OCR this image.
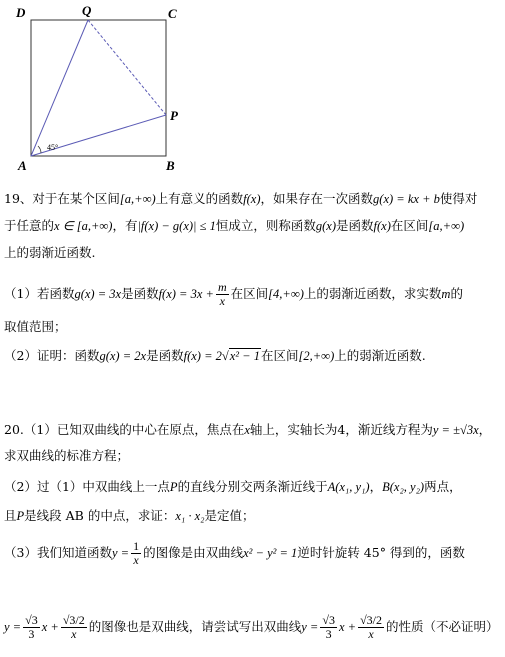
D	Q	C
P
A	B
45°
19、对于在某个区间[a,+∞)上有意义的函数f(x)，如果存在一次函数g(x) = kx + b使得对
于任意的x ∈ [a,+∞)，有|f(x) − g(x)| ≤ 1恒成立，则称函数g(x)是函数f(x)在区间[a,+∞)
上的弱渐近函数.
（1）若函数g(x) = 3x是函数$f(x) = 3x + \frac{m}{x}$ 在区间[4,+∞)上的弱渐近函数，求实数m的
取值范围；
（2）证明：函数g(x) = 2x是函数f(x) = 2√x² − 1在区间[2,+∞)上的弱渐近函数.
20.（1）已知双曲线的中心在原点，焦点在x轴上，实轴长为4，渐近线方程为y = ±√3x，
求双曲线的标准方程；
（2）过（1）中双曲线上一点P的直线分别交两条渐近线于A(x₁, y₁)，B(x₂, y₂)两点，
且P是线段 AB 的中点，求证：x₁ · x₂是定值；
（3）我们知道函数$y = \frac{1}{x}$ 的图像是由双曲线x² − y² = 1逆时针旋转 45° 得到的，函数
$y = \frac{√3}{3}$ $x + \frac{√3/2}{x}$ 的图像也是双曲线，请尝试写出双曲线$y = \frac{√3}{3}$ $x + \frac{√3/2}{x}$ 的性质（不必证明）
